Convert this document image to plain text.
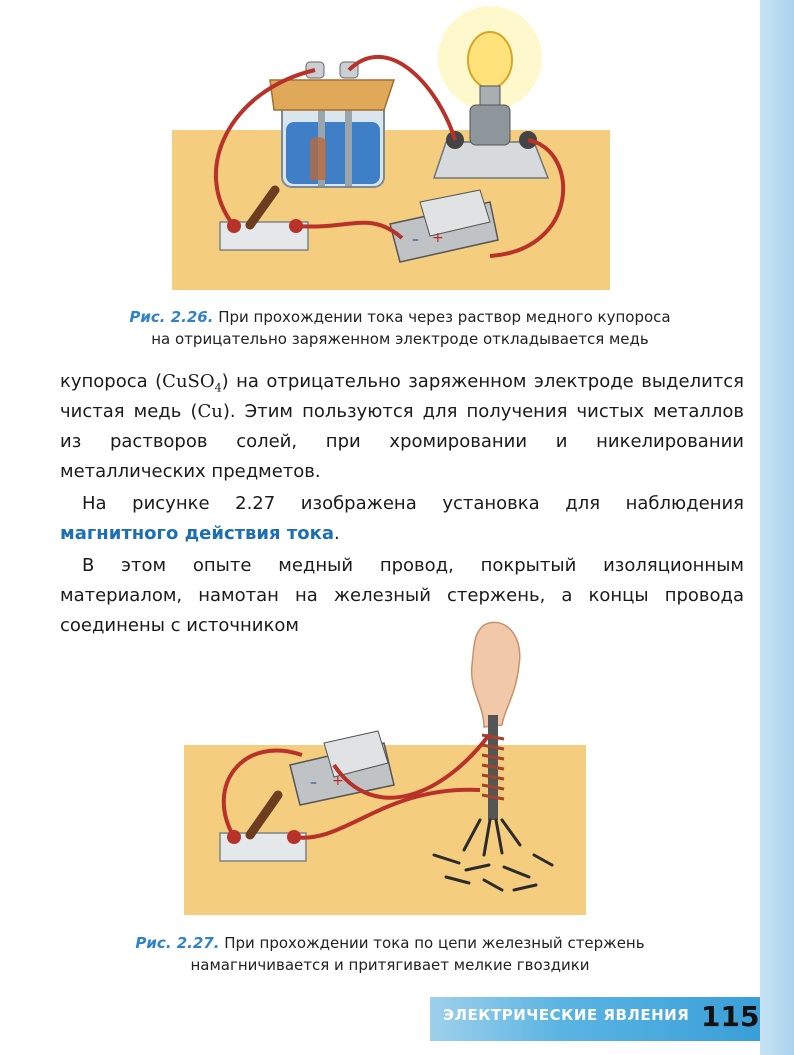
– +
Рис. 2.26. При прохождении тока через раствор медного купороса
на отрицательно заряженном электроде откладывается медь

купороса (CuSO$_4$) на отрицательно заряженном электроде выделится чистая медь (Cu). Этим пользуются для получения чистых металлов из растворов солей, при хромировании и никелировании металлических предметов.

На рисунке 2.27 изображена установка для наблюдения магнитного действия тока.

В этом опыте медный провод, покрытый изоляционным материалом, намотан на железный стержень, а концы провода соединены с источником

– +
Рис. 2.27. При прохождении тока по цепи железный стержень
намагничивается и притягивает мелкие гвоздики
ЭЛЕКТРИЧЕСКИЕ ЯВЛЕНИЯ 115
